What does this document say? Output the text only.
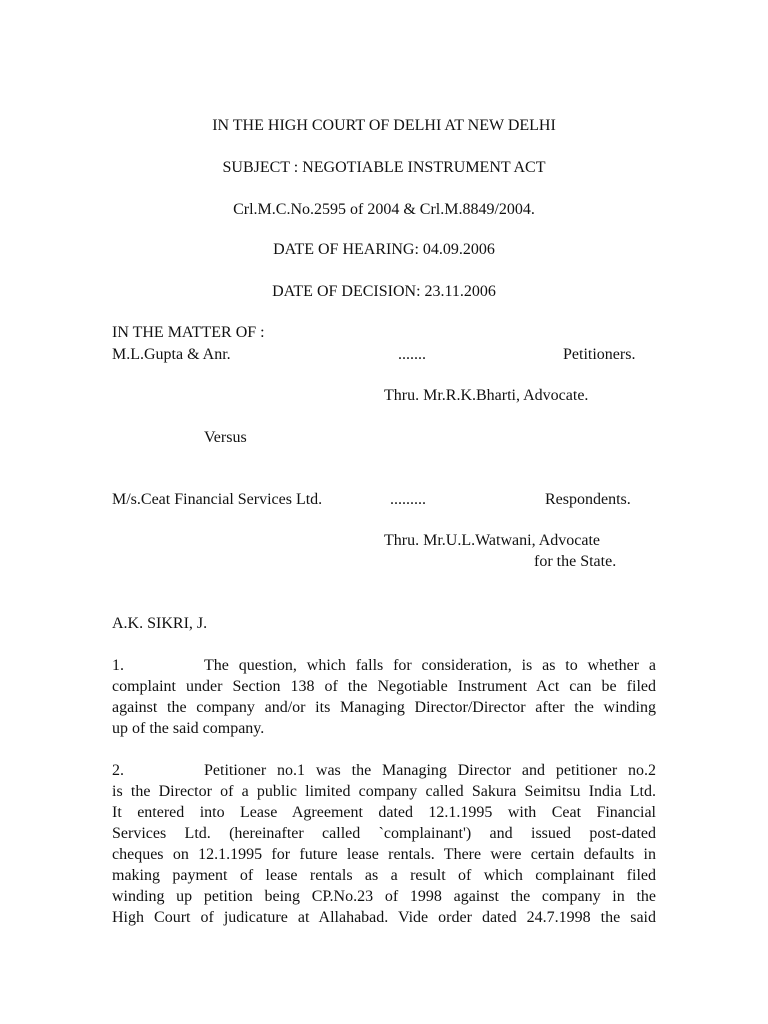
IN THE HIGH COURT OF DELHI AT NEW DELHI
SUBJECT : NEGOTIABLE INSTRUMENT ACT
Crl.M.C.No.2595 of 2004 & Crl.M.8849/2004.
DATE OF HEARING: 04.09.2006
DATE OF DECISION: 23.11.2006
IN THE MATTER OF :
M.L.Gupta & Anr.	.......	Petitioners.
Thru. Mr.R.K.Bharti, Advocate.
Versus
M/s.Ceat Financial Services Ltd.	.........	Respondents.
Thru. Mr.U.L.Watwani, Advocate
for the State.
A.K. SIKRI, J.
1.	The question, which falls for consideration, is as to whether a
complaint under Section 138 of the Negotiable Instrument Act can be filed
against the company and/or its Managing Director/Director after the winding
up of the said company.
2.	Petitioner no.1 was the Managing Director and petitioner no.2
is the Director of a public limited company called Sakura Seimitsu India Ltd.
It entered into Lease Agreement dated 12.1.1995 with Ceat Financial
Services Ltd. (hereinafter called `complainant') and issued post-dated
cheques on 12.1.1995 for future lease rentals. There were certain defaults in
making payment of lease rentals as a result of which complainant filed
winding up petition being CP.No.23 of 1998 against the company in the
High Court of judicature at Allahabad. Vide order dated 24.7.1998 the said
